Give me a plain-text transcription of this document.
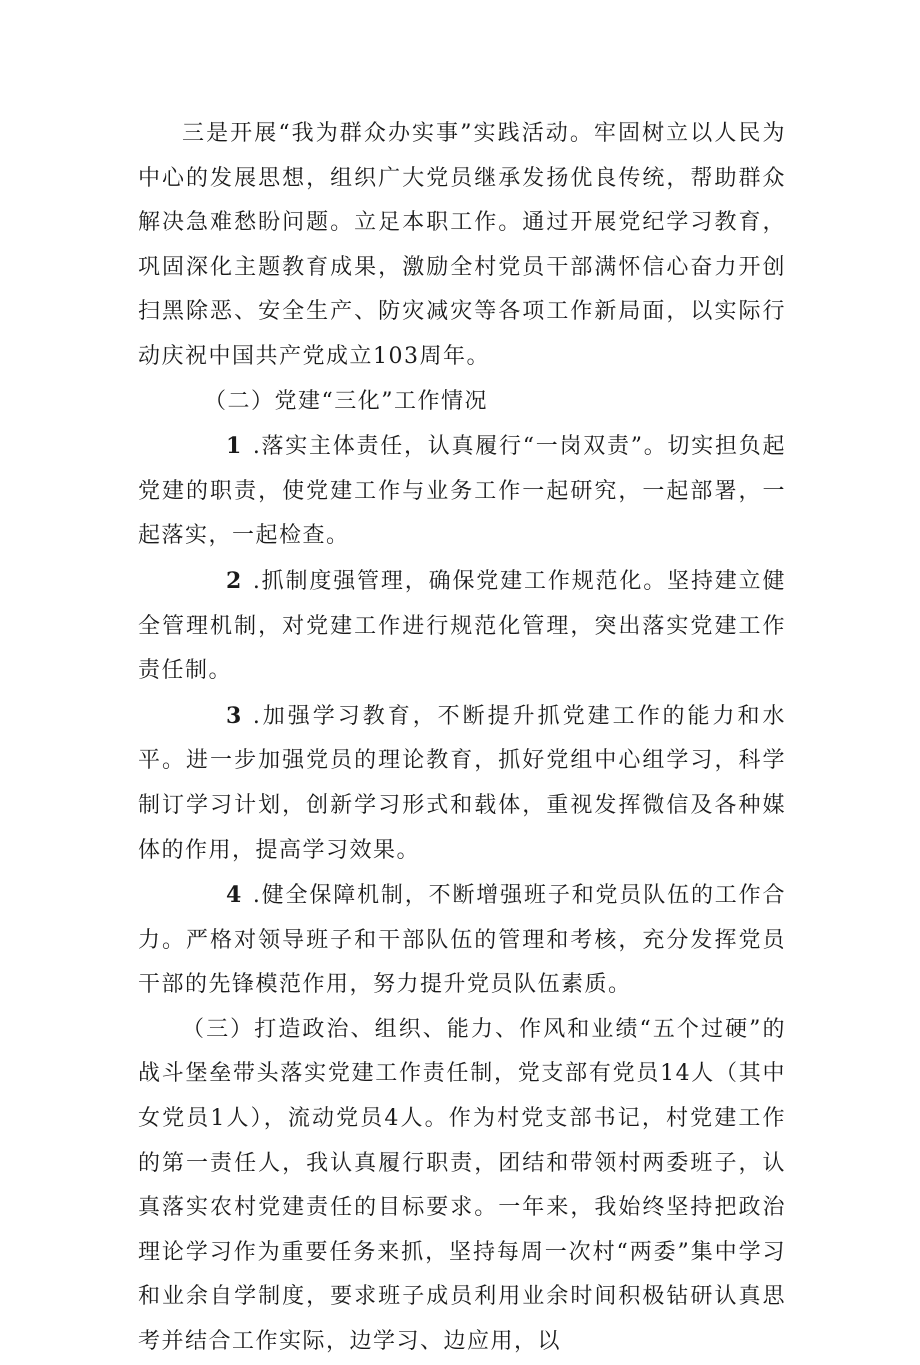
三是开展“我为群众办实事”实践活动。牢固树立以人民为中心的发展思想，组织广大党员继承发扬优良传统，帮助群众解决急难愁盼问题。立足本职工作。通过开展党纪学习教育，巩固深化主题教育成果，激励全村党员干部满怀信心奋力开创扫黑除恶、安全生产、防灾减灾等各项工作新局面，以实际行动庆祝中国共产党成立103周年。

（二）党建“三化”工作情况

1 .落实主体责任，认真履行“一岗双责”。切实担负起党建的职责，使党建工作与业务工作一起研究，一起部署，一起落实，一起检查。

2 .抓制度强管理，确保党建工作规范化。坚持建立健全管理机制，对党建工作进行规范化管理，突出落实党建工作责任制。

3 .加强学习教育，不断提升抓党建工作的能力和水平。进一步加强党员的理论教育，抓好党组中心组学习，科学制订学习计划，创新学习形式和载体，重视发挥微信及各种媒体的作用，提高学习效果。

4 .健全保障机制，不断增强班子和党员队伍的工作合力。严格对领导班子和干部队伍的管理和考核，充分发挥党员干部的先锋模范作用，努力提升党员队伍素质。

（三）打造政治、组织、能力、作风和业绩“五个过硬”的战斗堡垒带头落实党建工作责任制，党支部有党员14人（其中女党员1人），流动党员4人。作为村党支部书记，村党建工作的第一责任人，我认真履行职责，团结和带领村两委班子，认真落实农村党建责任的目标要求。一年来，我始终坚持把政治理论学习作为重要任务来抓，坚持每周一次村“两委”集中学习和业余自学制度，要求班子成员利用业余时间积极钻研认真思考并结合工作实际，边学习、边应用，以
